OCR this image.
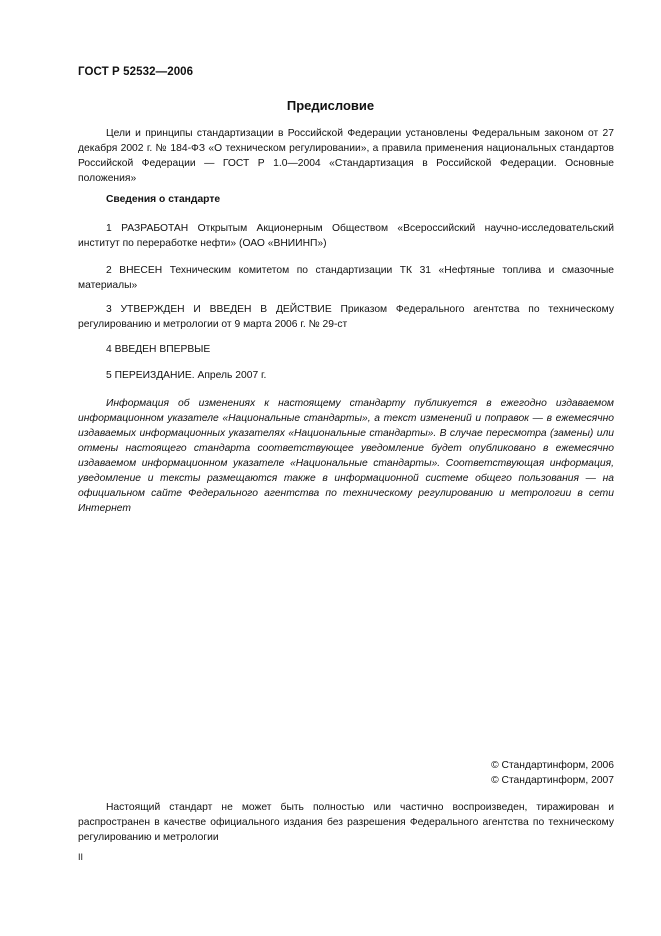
ГОСТ Р 52532—2006
Предисловие

Цели и принципы стандартизации в Российской Федерации установлены Федеральным законом от 27 декабря 2002 г. № 184-ФЗ «О техническом регулировании», а правила применения национальных стандартов Российской Федерации — ГОСТ Р 1.0—2004 «Стандартизация в Российской Федерации. Основные положения»

Сведения о стандарте

1 РАЗРАБОТАН Открытым Акционерным Обществом «Всероссийский научно-исследовательский институт по переработке нефти» (ОАО «ВНИИНП»)

2 ВНЕСЕН Техническим комитетом по стандартизации ТК 31 «Нефтяные топлива и смазочные материалы»

3 УТВЕРЖДЕН И ВВЕДЕН В ДЕЙСТВИЕ Приказом Федерального агентства по техническому регулированию и метрологии от 9 марта 2006 г. № 29-ст

4 ВВЕДЕН ВПЕРВЫЕ

5 ПЕРЕИЗДАНИЕ. Апрель 2007 г.

Информация об изменениях к настоящему стандарту публикуется в ежегодно издаваемом информационном указателе «Национальные стандарты», а текст изменений и поправок — в ежемесячно издаваемых информационных указателях «Национальные стандарты». В случае пересмотра (замены) или отмены настоящего стандарта соответствующее уведомление будет опубликовано в ежемесячно издаваемом информационном указателе «Национальные стандарты». Соответствующая информация, уведомление и тексты размещаются также в информационной системе общего пользования — на официальном сайте Федерального агентства по техническому регулированию и метрологии в сети Интернет

© Стандартинформ, 2006
© Стандартинформ, 2007

Настоящий стандарт не может быть полностью или частично воспроизведен, тиражирован и распространен в качестве официального издания без разрешения Федерального агентства по техническому регулированию и метрологии

II
